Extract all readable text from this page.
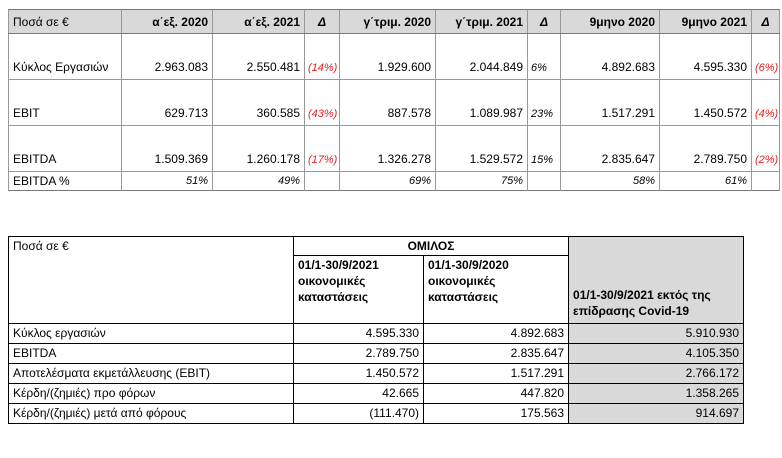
Ποσά σε €	α΄εξ. 2020	α΄εξ. 2021	Δ	γ΄τριμ. 2020	γ΄τριμ. 2021	Δ	9μηνο 2020	9μηνο 2021	Δ
Κύκλος Εργασιών	2.963.083	2.550.481	(14%)	1.929.600	2.044.849	6%	4.892.683	4.595.330	(6%)
EBIT	629.713	360.585	(43%)	887.578	1.089.987	23%	1.517.291	1.450.572	(4%)
EBITDA	1.509.369	1.260.178	(17%)	1.326.278	1.529.572	15%	2.835.647	2.789.750	(2%)
EBITDA %	51%	49%		69%	75%		58%	61%	
Ποσά σε €	ΟΜΙΛΟΣ		
	01/1-30/9/2021 οικονομικές καταστάσεις	01/1-30/9/2020 οικονομικές καταστάσεις	01/1-30/9/2021 εκτός της επίδρασης Covid-19
Κύκλος εργασιών	4.595.330	4.892.683	5.910.930
EBITDA	2.789.750	2.835.647	4.105.350
Αποτελέσματα εκμετάλλευσης (EBIT)	1.450.572	1.517.291	2.766.172
Κέρδη/(ζημιές) προ φόρων	42.665	447.820	1.358.265
Κέρδη/(ζημιές) μετά από φόρους	(111.470)	175.563	914.697
